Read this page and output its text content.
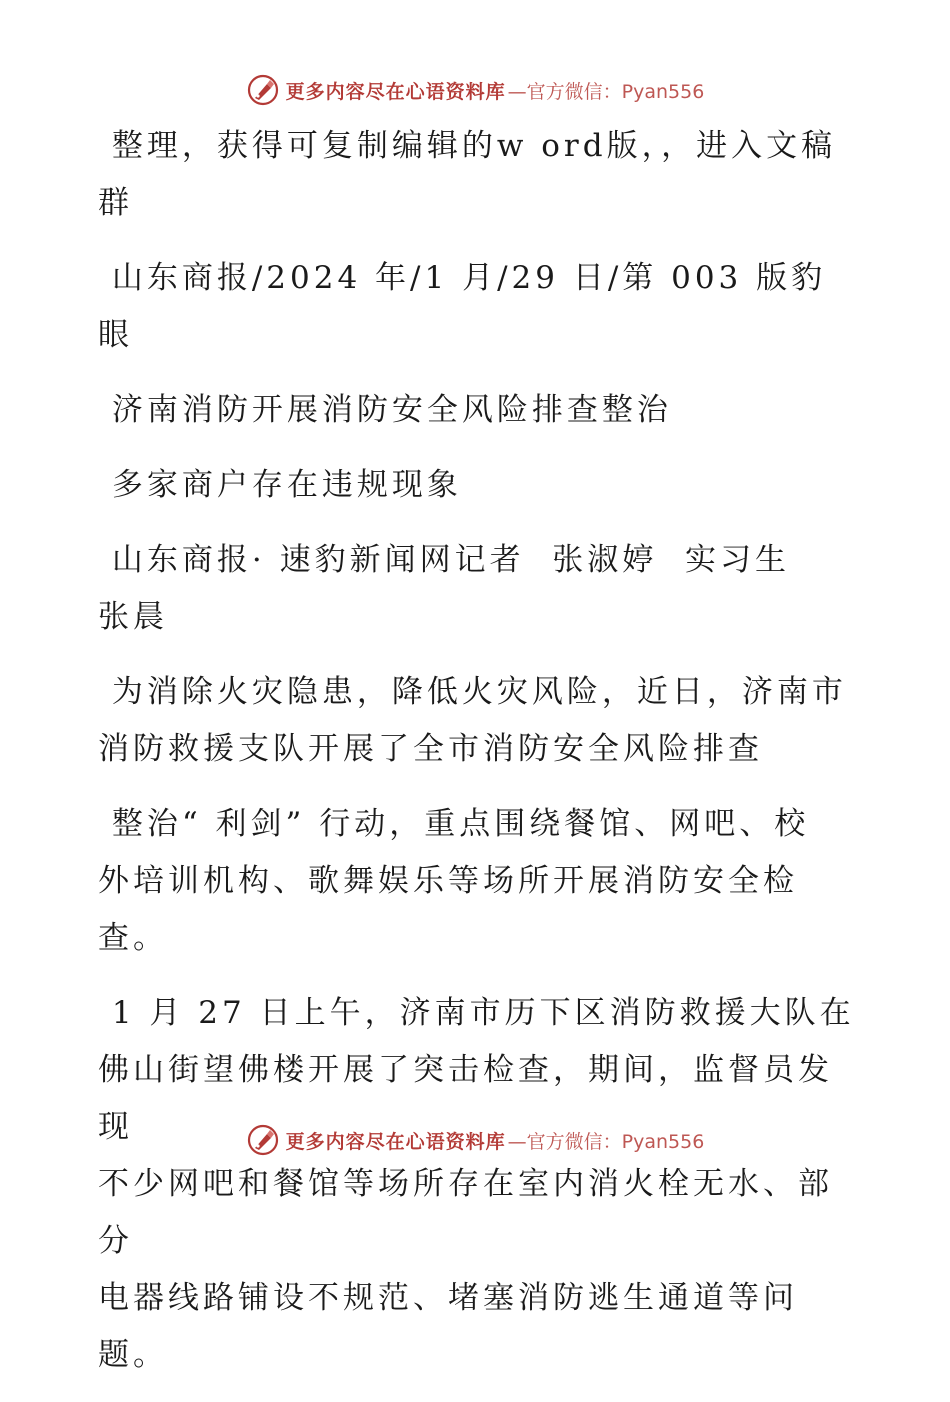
更多内容尽在心语资料库 —官方微信：Pyan556

整理，获得可复制编辑的w ord版，，进入文稿
群

山东商报/2024 年/1 月/29 日/第 003 版豹眼

济南消防开展消防安全风险排查整治

多家商户存在违规现象

山东商报· 速豹新闻网记者  张淑婷  实习生
张晨

为消除火灾隐患，降低火灾风险，近日，济南市
消防救援支队开展了全市消防安全风险排查

整治“ 利剑” 行动，重点围绕餐馆、网吧、校
外培训机构、歌舞娱乐等场所开展消防安全检查。

1 月 27 日上午，济南市历下区消防救援大队在
佛山街望佛楼开展了突击检查，期间，监督员发现
不少网吧和餐馆等场所存在室内消火栓无水、部分
电器线路铺设不规范、堵塞消防逃生通道等问题。

更多内容尽在心语资料库 —官方微信：Pyan556
